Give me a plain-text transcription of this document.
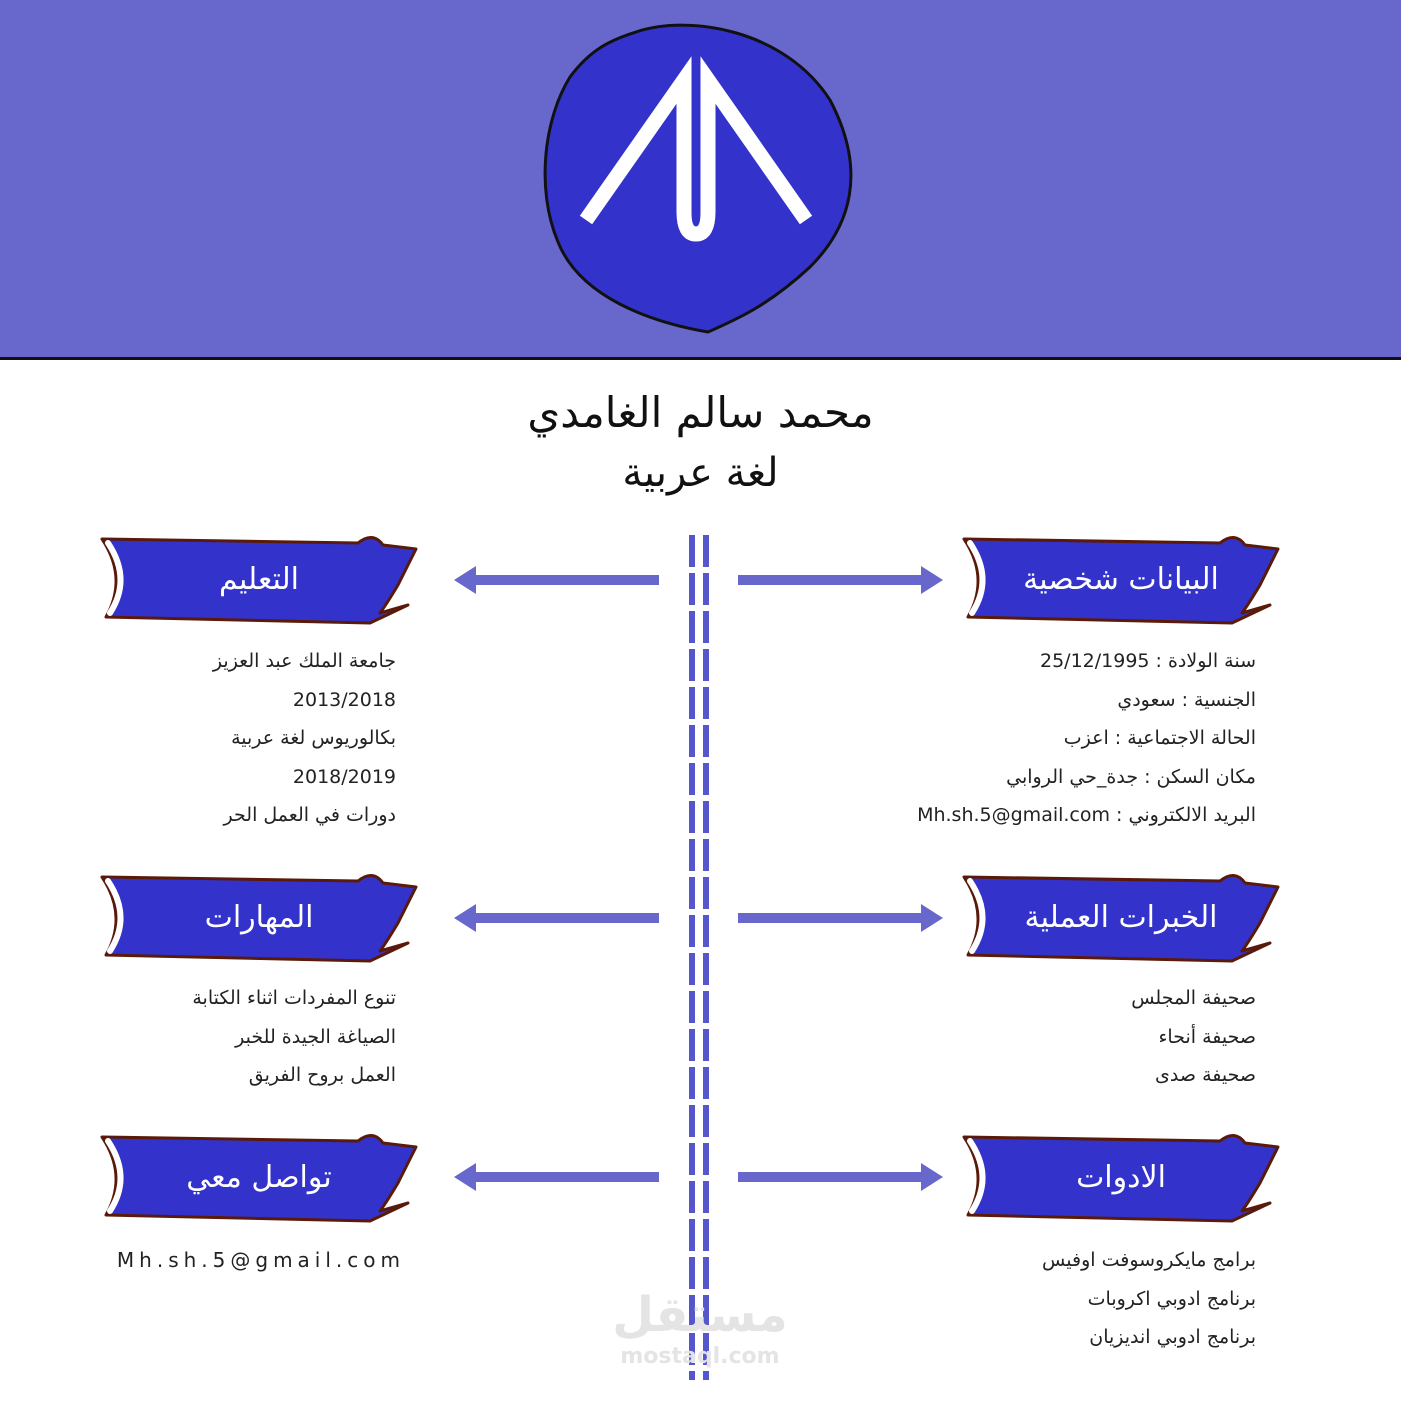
محمد سالم الغامدي
لغة عربية
البيانات شخصية
التعليم
الخبرات العملية
المهارات
الادوات
تواصل معي
سنة الولادة : 25/12/1995
الجنسية : سعودي
الحالة الاجتماعية : اعزب
مكان السكن : جدة_حي الروابي
البريد الالكتروني : Mh.sh.5@gmail.com
جامعة الملك عبد العزيز
2013/2018
بكالوريوس لغة عربية
2018/2019
دورات في العمل الحر
صحيفة المجلس
صحيفة أنحاء
صحيفة صدى
تنوع المفردات اثناء الكتابة
الصياغة الجيدة للخبر
العمل بروح الفريق
برامج مايكروسوفت اوفيس
برنامج ادوبي اكروبات
برنامج ادوبي انديزيان
Mh.sh.5@gmail.com
مستقل
mostaql.com
